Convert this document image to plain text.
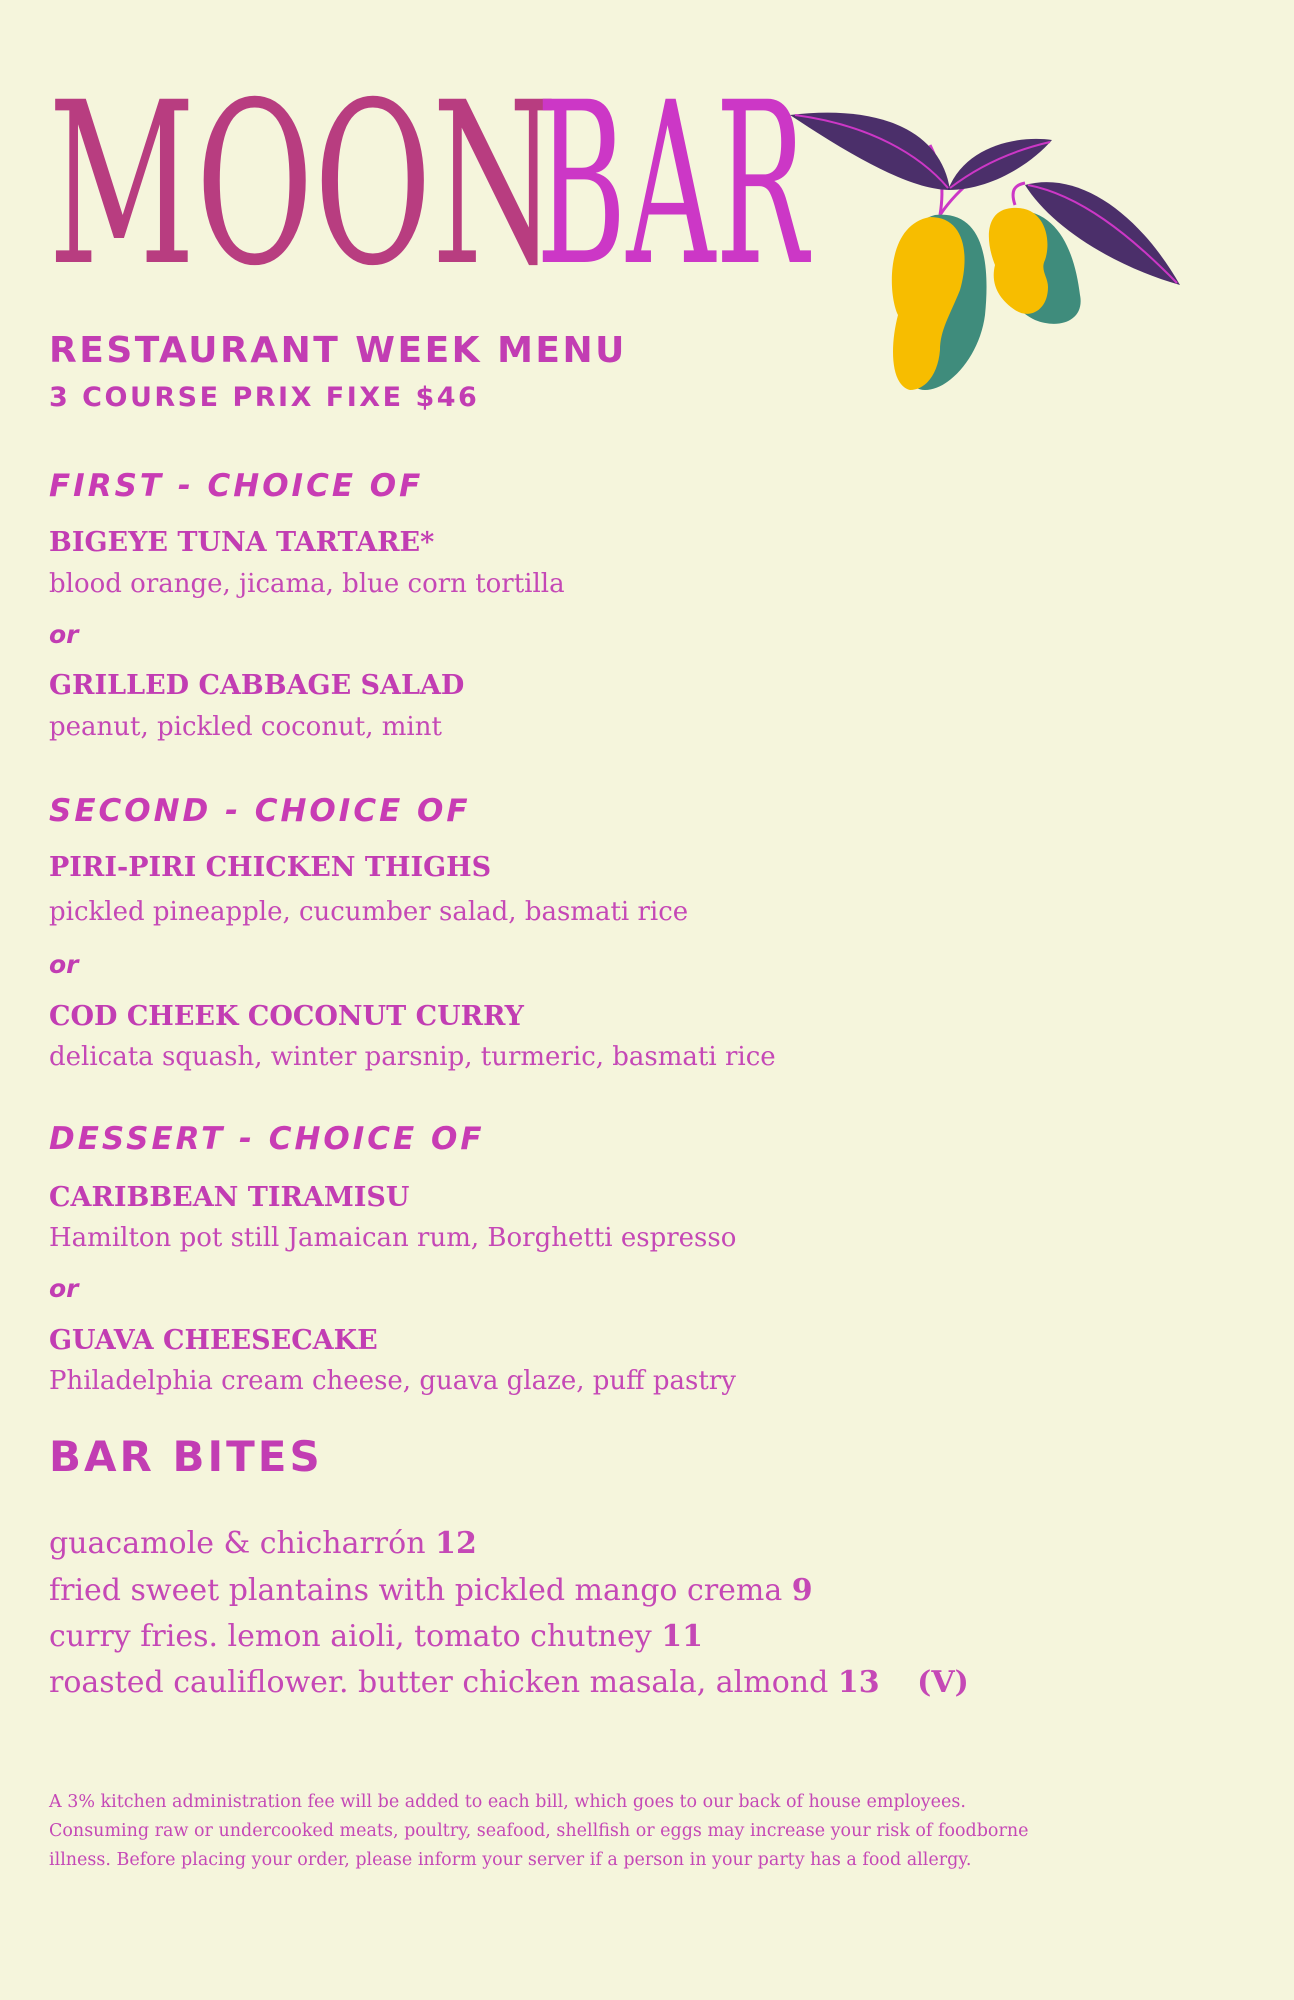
MOON
BAR
RESTAURANT WEEK MENU
3 COURSE PRIX FIXE $46
FIRST - CHOICE OF

BIGEYE TUNA TARTARE*

blood orange, jicama, blue corn tortilla

or

GRILLED CABBAGE SALAD

peanut, pickled coconut, mint

SECOND - CHOICE OF

PIRI-PIRI CHICKEN THIGHS

pickled pineapple, cucumber salad, basmati rice

or

COD CHEEK COCONUT CURRY

delicata squash, winter parsnip, turmeric, basmati rice

DESSERT - CHOICE OF

CARIBBEAN TIRAMISU

Hamilton pot still Jamaican rum, Borghetti espresso

or

GUAVA CHEESECAKE

Philadelphia cream cheese, guava glaze, puff pastry

BAR BITES

guacamole & chicharrón 12

fried sweet plantains with pickled mango crema 9

curry fries. lemon aioli, tomato chutney 11

roasted cauliflower. butter chicken masala, almond 13 (V)

A 3% kitchen administration fee will be added to each bill, which goes to our back of house employees.
Consuming raw or undercooked meats, poultry, seafood, shellfish or eggs may increase your risk of foodborne
illness. Before placing your order, please inform your server if a person in your party has a food allergy.
